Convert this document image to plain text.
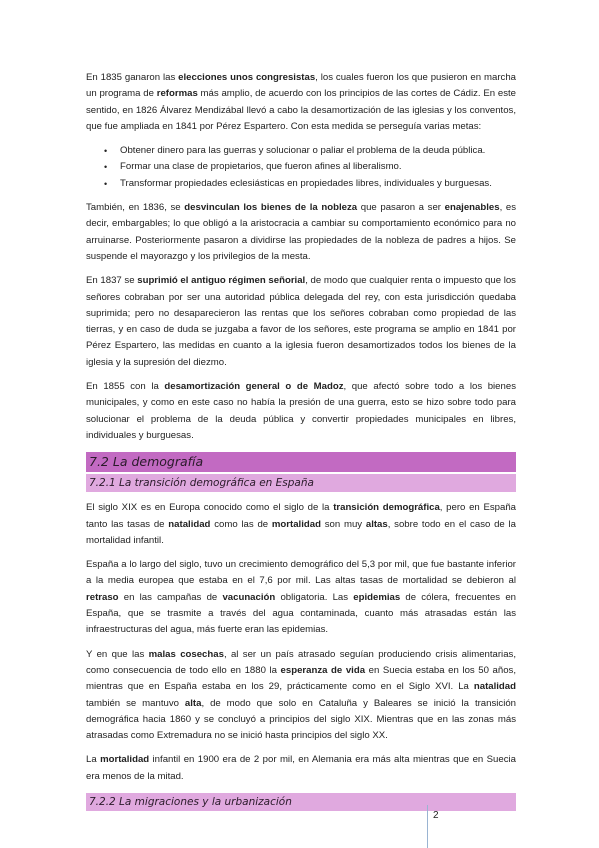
En 1835 ganaron las elecciones unos congresistas, los cuales fueron los que pusieron en marcha un programa de reformas más amplio, de acuerdo con los principios de las cortes de Cádiz. En este sentido, en 1826 Álvarez Mendizábal llevó a cabo la desamortización de las iglesias y los conventos, que fue ampliada en 1841 por Pérez Espartero. Con esta medida se perseguía varias metas:

• Obtener dinero para las guerras y solucionar o paliar el problema de la deuda pública.
• Formar una clase de propietarios, que fueron afines al liberalismo.
• Transformar propiedades eclesiásticas en propiedades libres, individuales y burguesas.

También, en 1836, se desvinculan los bienes de la nobleza que pasaron a ser enajenables, es decir, embargables; lo que obligó a la aristocracia a cambiar su comportamiento económico para no arruinarse. Posteriormente pasaron a dividirse las propiedades de la nobleza de padres a hijos. Se suspende el mayorazgo y los privilegios de la mesta.

En 1837 se suprimió el antiguo régimen señorial, de modo que cualquier renta o impuesto que los señores cobraban por ser una autoridad pública delegada del rey, con esta jurisdicción quedaba suprimida; pero no desaparecieron las rentas que los señores cobraban como propiedad de las tierras, y en caso de duda se juzgaba a favor de los señores, este programa se amplio en 1841 por Pérez Espartero, las medidas en cuanto a la iglesia fueron desamortizados todos los bienes de la iglesia y la supresión del diezmo.

En 1855 con la desamortización general o de Madoz, que afectó sobre todo a los bienes municipales, y como en este caso no había la presión de una guerra, esto se hizo sobre todo para solucionar el problema de la deuda pública y convertir propiedades municipales en libres, individuales y burguesas.

7.2 La demografía
7.2.1 La transición demográfica en España

El siglo XIX es en Europa conocido como el siglo de la transición demográfica, pero en España tanto las tasas de natalidad como las de mortalidad son muy altas, sobre todo en el caso de la mortalidad infantil.

España a lo largo del siglo, tuvo un crecimiento demográfico del 5,3 por mil, que fue bastante inferior a la media europea que estaba en el 7,6 por mil. Las altas tasas de mortalidad se debieron al retraso en las campañas de vacunación obligatoria. Las epidemias de cólera, frecuentes en España, que se trasmite a través del agua contaminada, cuanto más atrasadas están las infraestructuras del agua, más fuerte eran las epidemias.

Y en que las malas cosechas, al ser un país atrasado seguían produciendo crisis alimentarias, como consecuencia de todo ello en 1880 la esperanza de vida en Suecia estaba en los 50 años, mientras que en España estaba en los 29, prácticamente como en el Siglo XVI. La natalidad también se mantuvo alta, de modo que solo en Cataluña y Baleares se inició la transición demográfica hacia 1860 y se concluyó a principios del siglo XIX. Mientras que en las zonas más atrasadas como Extremadura no se inició hasta principios del siglo XX.

La mortalidad infantil en 1900 era de 2 por mil, en Alemania era más alta mientras que en Suecia era menos de la mitad.

7.2.2 La migraciones y la urbanización
2
